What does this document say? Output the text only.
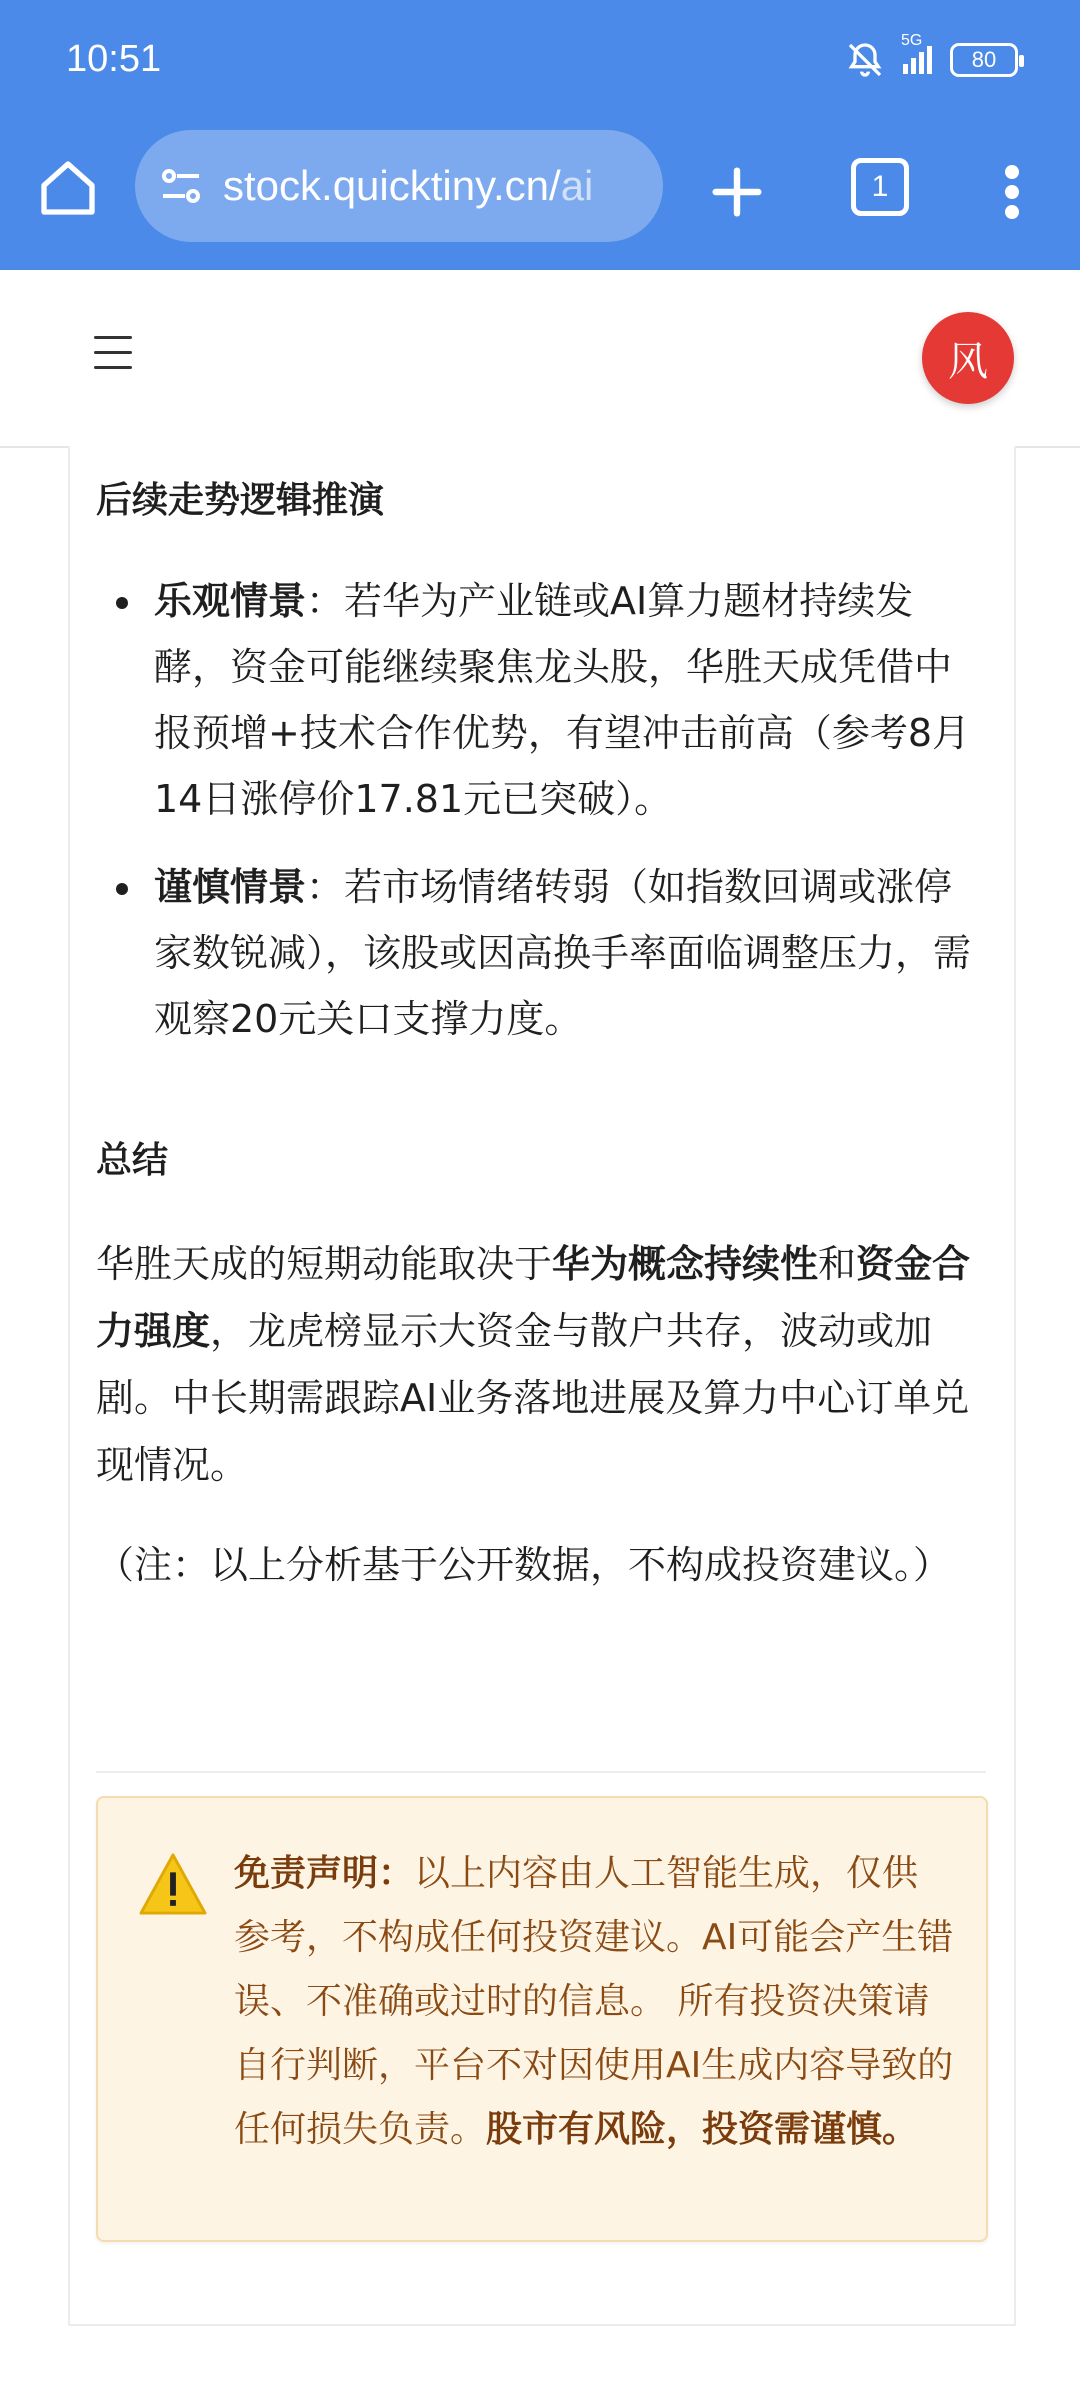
10:51	5G
80
stock.quicktiny.cn/ai	1
风
后续走势逻辑推演
乐观情景：若华为产业链或AI算力题材持续发酵，资金可能继续聚焦龙头股，华胜天成凭借中报预增+技术合作优势，有望冲击前高（参考8月14日涨停价17.81元已突破）。
谨慎情景：若市场情绪转弱（如指数回调或涨停家数锐减），该股或因高换手率面临调整压力，需观察20元关口支撑力度。
总结

华胜天成的短期动能取决于华为概念持续性和资金合力强度，龙虎榜显示大资金与散户共存，波动或加剧。中长期需跟踪AI业务落地进展及算力中心订单兑现情况。

（注：以上分析基于公开数据，不构成投资建议。）

免责声明：以上内容由人工智能生成，仅供参考，不构成任何投资建议。AI可能会产生错误、不准确或过时的信息。 所有投资决策请自行判断，平台不对因使用AI生成内容导致的任何损失负责。股市有风险，投资需谨慎。
